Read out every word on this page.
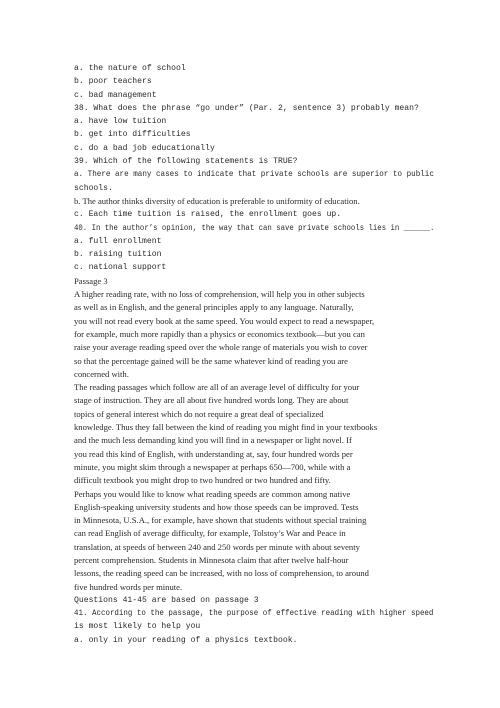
a. the nature of school
b. poor teachers
c. bad management
38. What does the phrase “go under” (Par. 2, sentence 3) probably mean?
a. have low tuition
b. get into difficulties
c. do a bad job educationally
39. Which of the following statements is TRUE?
a. There are many cases to indicate that private schools are superior to public
schools.
b. The author thinks diversity of education is preferable to uniformity of education.
c. Each time tuition is raised, the enrollment goes up.
40. In the author’s opinion, the way that can save private schools lies in ______.
a. full enrollment
b. raising tuition
c. national support
Passage 3
A higher reading rate, with no loss of comprehension, will help you in other subjects
as well as in English, and the general principles apply to any language. Naturally,
you will not read every book at the same speed. You would expect to read a newspaper,
for example, much more rapidly than a physics or economics textbook—but you can
raise your average reading speed over the whole range of materials you wish to cover
so that the percentage gained will be the same whatever kind of reading you are
concerned with.
The reading passages which follow are all of an average level of difficulty for your
stage of instruction. They are all about five hundred words long. They are about
topics of general interest which do not require a great deal of specialized
knowledge. Thus they fall between the kind of reading you might find in your textbooks
and the much less demanding kind you will find in a newspaper or light novel. If
you read this kind of English, with understanding at, say, four hundred words per
minute, you might skim through a newspaper at perhaps 650—700, while with a
difficult textbook you might drop to two hundred or two hundred and fifty.
Perhaps you would like to know what reading speeds are common among native
English-speaking university students and how those speeds can be improved. Tests
in Minnesota, U.S.A., for example, have shown that students without special training
can read English of average difficulty, for example, Tolstoy’s War and Peace in
translation, at speeds of between 240 and 250 words per minute with about seventy
percent comprehension. Students in Minnesota claim that after twelve half-hour
lessons, the reading speed can be increased, with no loss of comprehension, to around
five hundred words per minute.
Questions 41-45 are based on passage 3
41. According to the passage, the purpose of effective reading with higher speed
is most likely to help you
a. only in your reading of a physics textbook.
